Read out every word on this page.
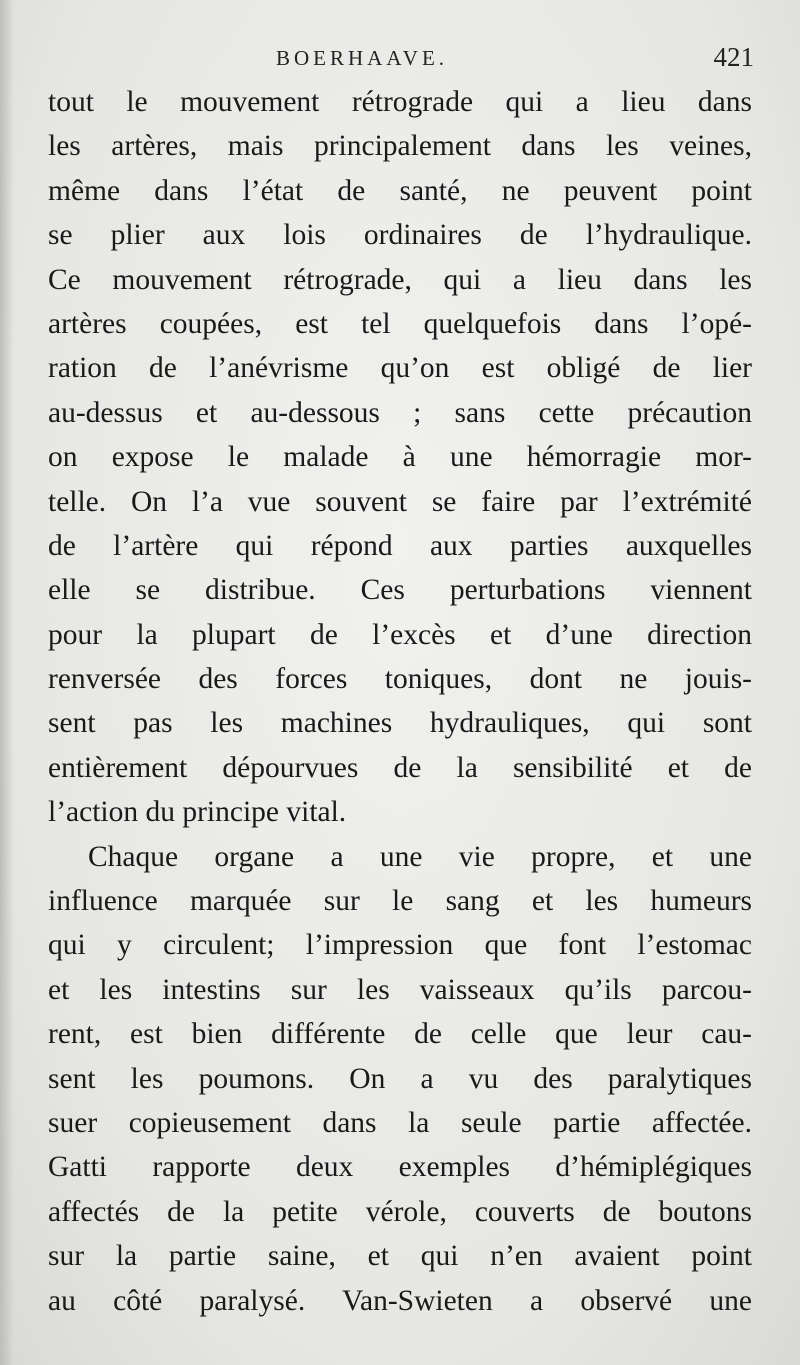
BOERHAAVE.	421
tout le mouvement rétrograde qui a lieu dans
les artères, mais principalement dans les veines,
même dans l’état de santé, ne peuvent point
se plier aux lois ordinaires de l’hydraulique.
Ce mouvement rétrograde, qui a lieu dans les
artères coupées, est tel quelquefois dans l’opé-
ration de l’anévrisme qu’on est obligé de lier
au-dessus et au-dessous ; sans cette précaution
on expose le malade à une hémorragie mor-
telle. On l’a vue souvent se faire par l’extrémité
de l’artère qui répond aux parties auxquelles
elle se distribue. Ces perturbations viennent
pour la plupart de l’excès et d’une direction
renversée des forces toniques, dont ne jouis-
sent pas les machines hydrauliques, qui sont
entièrement dépourvues de la sensibilité et de
l’action du principe vital.
Chaque organe a une vie propre, et une
influence marquée sur le sang et les humeurs
qui y circulent; l’impression que font l’estomac
et les intestins sur les vaisseaux qu’ils parcou-
rent, est bien différente de celle que leur cau-
sent les poumons. On a vu des paralytiques
suer copieusement dans la seule partie affectée.
Gatti rapporte deux exemples d’hémiplégiques
affectés de la petite vérole, couverts de boutons
sur la partie saine, et qui n’en avaient point
au côté paralysé. Van-Swieten a observé une
